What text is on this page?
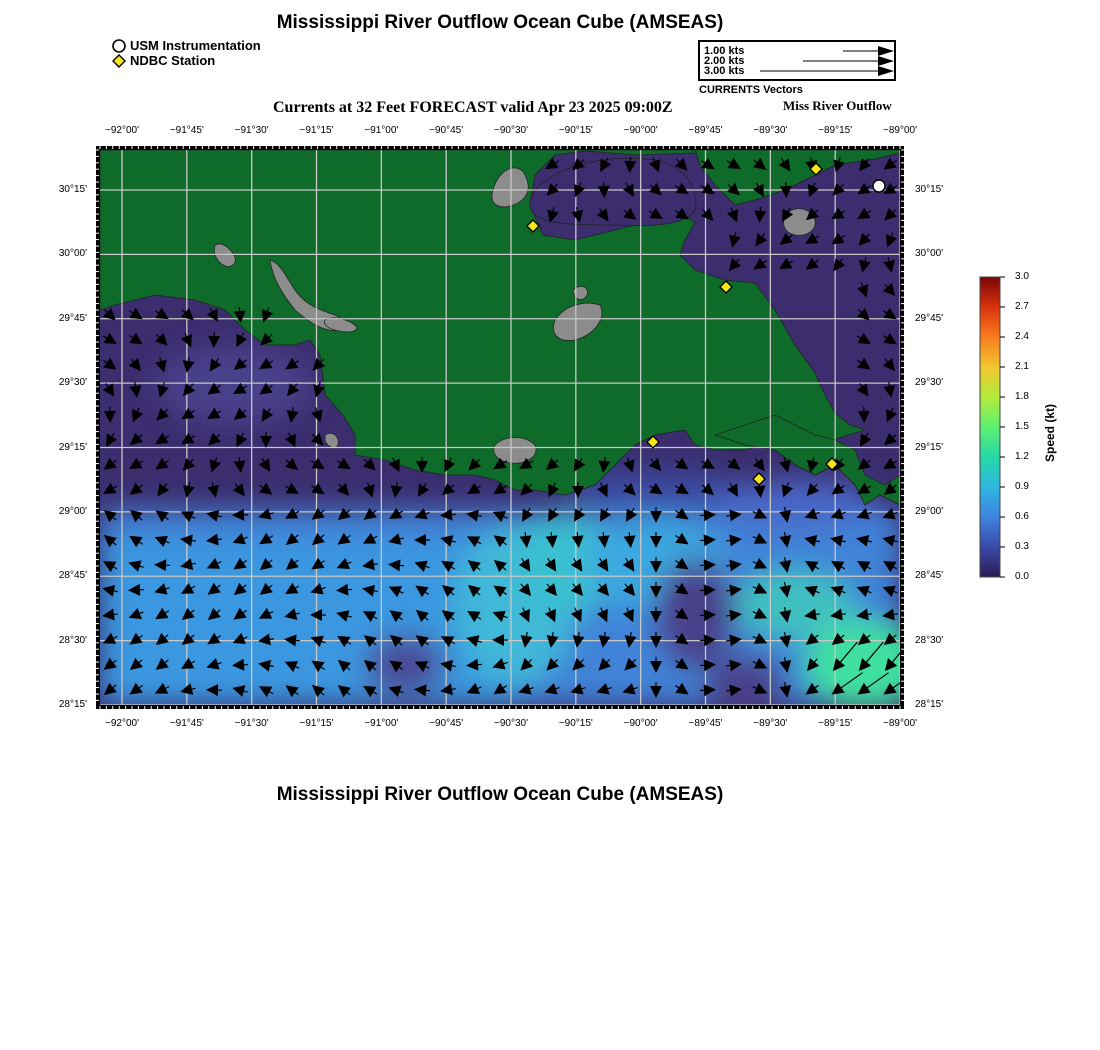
Mississippi River Outflow Ocean Cube (AMSEAS)
USM Instrumentation
NDBC Station
1.00 kts
2.00 kts
3.00 kts
CURRENTS Vectors
Currents at 32 Feet FORECAST valid Apr 23 2025 09:00Z	Miss River Outflow
−92°00'	−91°45'	−91°30'	−91°15'	−91°00'	−90°45'	−90°30'	−90°15'	−90°00'	−89°45'	−89°30'	−89°15'	−89°00'
−92°00'	−91°45'	−91°30'	−91°15'	−91°00'	−90°45'	−90°30'	−90°15'	−90°00'	−89°45'	−89°30'	−89°15'	−89°00'
30°15'
30°00'
29°45'
29°30'
29°15'
29°00'
28°45'
28°30'
28°15'
30°15'
30°00'
29°45'
29°30'
29°15'
29°00'
28°45'
28°30'
28°15'
3.0
2.7
2.4
2.1
1.8
1.5
1.2
0.9
0.6
0.3
0.0
Speed (kt)
Mississippi River Outflow Ocean Cube (AMSEAS)
